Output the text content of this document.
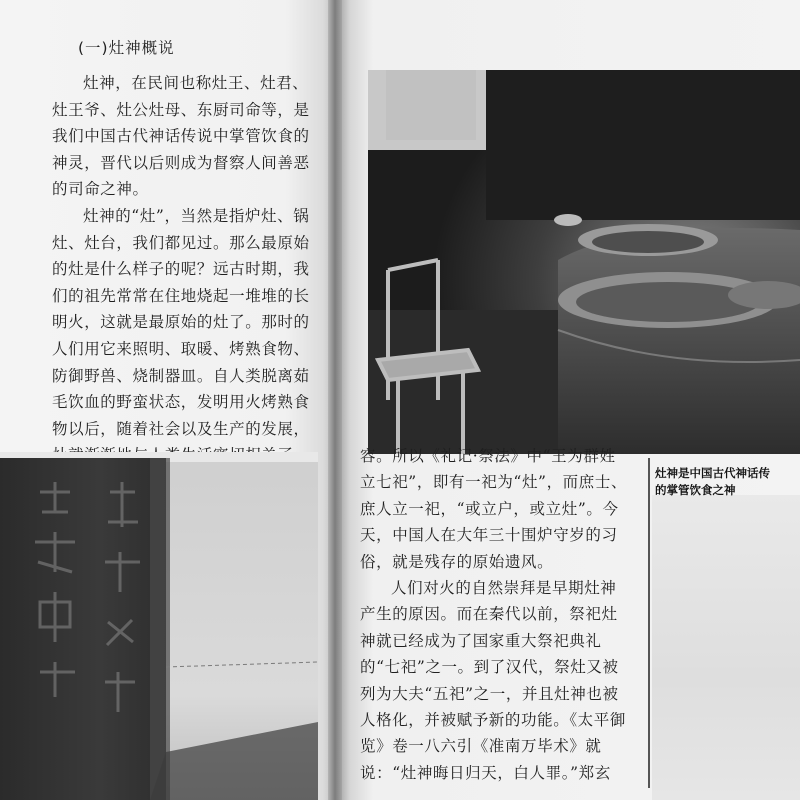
(一)灶神概说

灶神，在民间也称灶王、灶君、灶王爷、灶公灶母、东厨司命等，是我们中国古代神话传说中掌管饮食的神灵，晋代以后则成为督察人间善恶的司命之神。

灶神的“灶”，当然是指炉灶、锅灶、灶台，我们都见过。那么最原始的灶是什么样子的呢？远古时期，我们的祖先常常在住地烧起一堆堆的长明火，这就是最原始的灶了。那时的人们用它来照明、取暖、烤熟食物、防御野兽、烧制器皿。自人类脱离茹毛饮血的野蛮状态，发明用火烤熟食物以后，随着社会以及生产的发展，

灶神是中国古代神话传
的掌管饮食之神

容。所以《礼记·祭法》中“王为群姓立七祀”，即有一祀为“灶”，而庶士、庶人立一祀，“或立户，或立灶”。今天，中国人在大年三十围炉守岁的习俗，就是残存的原始遗风。

人们对火的自然崇拜是早期灶神产生的原因。而在秦代以前，祭祀灶神就已经成为了国家重大祭祀典礼的“七祀”之一。到了汉代，祭灶又被列为大夫“五祀”之一，并且灶神也被人格化，并被赋予新的功能。《太平御览》卷一八六引《准南万毕术》就说：“灶神晦日归天，白人罪。”郑玄
